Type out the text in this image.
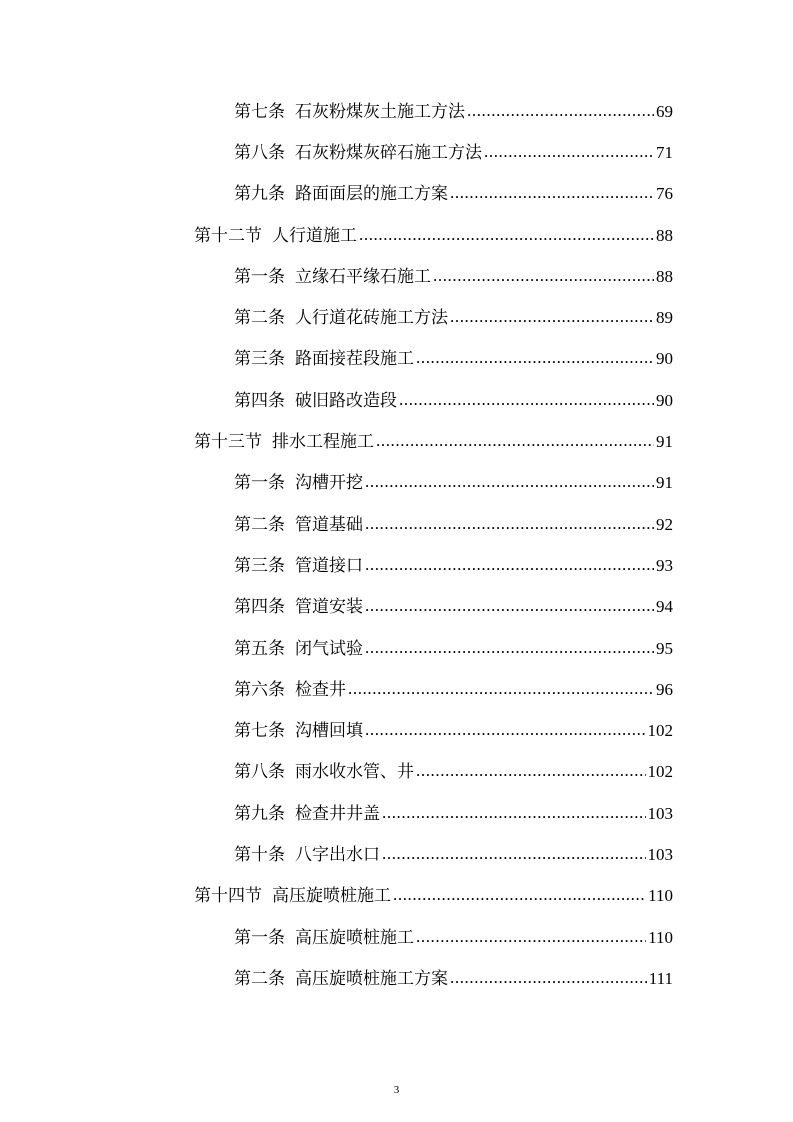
第七条 石灰粉煤灰土施工方法 .....	69
第八条 石灰粉煤灰碎石施工方法 .....	71
第九条 路面面层的施工方案 .....	76
第十二节 人行道施工 .....	88
第一条 立缘石平缘石施工 .....	88
第二条 人行道花砖施工方法 .....	89
第三条 路面接茬段施工 .....	90
第四条 破旧路改造段 .....	90
第十三节 排水工程施工 .....	91
第一条 沟槽开挖 .....	91
第二条 管道基础 .....	92
第三条 管道接口 .....	93
第四条 管道安装 .....	94
第五条 闭气试验 .....	95
第六条 检查井 .....	96
第七条 沟槽回填 .....	102
第八条 雨水收水管、井 .....	102
第九条 检查井井盖 .....	103
第十条 八字出水口 .....	103
第十四节 高压旋喷桩施工 .....	110
第一条 高压旋喷桩施工 .....	110
第二条 高压旋喷桩施工方案 .....	111
3
